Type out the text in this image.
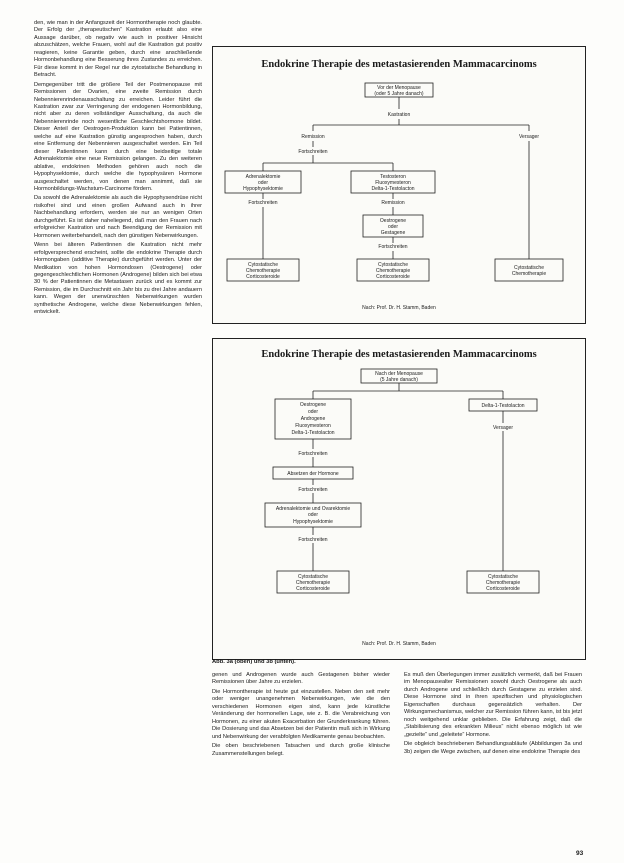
den, wie man in der Anfangszeit der Hormontherapie noch glaubte. Der Erfolg der „therapeutischen“ Kastration erlaubt also eine Aussage darüber, ob negativ wie auch in positiver Hinsicht abzuschätzen, welche Frauen, wohl auf die Kastration gut positiv reagieren, keine Garantie geben, durch eine anschließende Hormonbehandlung eine Besserung ihres Zustandes zu erreichen. Für diese kommt in der Regel nur die zytostatische Behandlung in Betracht.

Demgegenüber tritt die größere Teil der Postmenopause mit Remissionen der Ovarien, eine zweite Remission durch Nebennierenrindenausschaltung zu erreichen. Leider führt die Kastration zwar zur Verringerung der endogenen Hormonbildung, nicht aber zu deren vollständiger Ausschaltung, da auch die Nebennierenrinde noch wesentliche Geschlechtshormone bildet. Dieser Anteil der Oestrogen-Produktion kann bei Patientinnen, welche auf eine Kastration günstig angesprochen haben, durch eine Entfernung der Nebennieren ausgeschaltet werden. Ein Teil dieser Patientinnen kann durch eine beidseitige totale Adrenalektomie eine neue Remission gelangen. Zu den weiteren ablative, endokrinen Methoden gehören auch noch die Hypophysektomie, durch welche die hypophysären Hormone ausgeschaltet werden, von denen man annimmt, daß sie Hormonbildungs-Wachstum-Carcinome fördern.

Da sowohl die Adrenalektomie als auch die Hypophysendrüse nicht risikofrei sind und einen großen Aufwand auch in ihrer Nachbehandlung erfordern, werden sie nur an wenigen Orten durchgeführt. Es ist daher naheliegend, daß man den Frauen nach erfolgreicher Kastration und nach Beendigung der Remission mit Hormonen weiterbehandelt, nach den günstigen Nebenwirkungen.

Wenn bei älteren Patientinnen die Kastration nicht mehr erfolgversprechend erscheint, sollte die endokrine Therapie durch Hormongaben (additive Therapie) durchgeführt werden. Unter der Medikation von hohen Hormondosen (Oestrogene) oder gegengeschlechtlichen Hormonen (Androgene) bilden sich bei etwa 30 % der Patientinnen die Metastasen zurück und es kommt zur Remission, die im Durchschnitt ein Jahr bis zu drei Jahre andauern kann. Wegen der unerwünschten Nebenwirkungen wurden synthetische Androgene, welche diese Nebenwirkungen fehlen, entwickelt.

Endokrine Therapie des metastasierenden Mammacarcinoms
Vor der Menopause
(oder 5 Jahre danach)
Kastration
Remission	Versager
Fortschreiten
Adrenalektomie
oder
Hypophysektomie
Testosteron
Fluoxymesteron
Delta-1-Testolacton
Fortschreiten	Remission
Oestrogene
oder
Gestagene
Fortschreiten
Cytostatische
Chemotherapie
Corticosteroide
Cytostatische
Chemotherapie
Corticosteroide
Cytostatische
Chemotherapie
Nach: Prof. Dr. H. Stamm, Baden
Endokrine Therapie des metastasierenden Mammacarcinoms
Nach der Menopause
(5 Jahre danach)
Oestrogene
oder
Androgene
Fluoxymesteron
Delta-1-Testolacton
Delta-1-Testolacton
Versager
Fortschreiten
Absetzen der Hormone
Fortschreiten
Adrenalektomie und Ovarektomie
oder
Hypophysektomie
Fortschreiten
Cytostatische
Chemotherapie
Corticosteroide
Cytostatische
Chemotherapie
Corticosteroide
Nach: Prof. Dr. H. Stamm, Baden
Abb. 3a (oben) und 3b (unten).

genen und Androgenen wurde auch Gestagenen bisher wieder Remissionen über Jahre zu erzielen.

Die Hormontherapie ist heute gut einzustellen. Neben den seit mehr oder weniger unangenehmen Nebenwirkungen, wie die den verschiedenen Hormonen eigen sind, kann jede künstliche Veränderung der hormonellen Lage, wie z. B. die Verabreichung von Hormonen, zu einer akuten Exacerbation der Grunderkrankung führen. Die Dosierung und das Absetzen bei der Patientin muß sich in Wirkung und Nebenwirkung der verabfolgten Medikamente genau beobachten.

Die oben beschriebenen Tatsachen und durch große klinische Zusammenstellungen belegt.

Es muß den Überlegungen immer zusätzlich vermerkt, daß bei Frauen im Menopausealter Remissionen sowohl durch Oestrogene als auch durch Androgene und schließlich durch Gestagene zu erzielen sind. Diese Hormone sind in ihren spezifischen und physiologischen Eigenschaften durchaus gegensätzlich verhalten. Der Wirkungsmechanismus, welcher zur Remission führen kann, ist bis jetzt noch weitgehend unklar geblieben. Die Erfahrung zeigt, daß die „Stabilisierung des erkrankten Milieus“ nicht ebenso möglich ist wie „gezielte“ und „geleitete“ Hormone.

Die obgleich beschriebenen Behandlungsabläufe (Abbildungen 3a und 3b) zeigen die Wege zwischen, auf denen eine endokrine Therapie des

93
